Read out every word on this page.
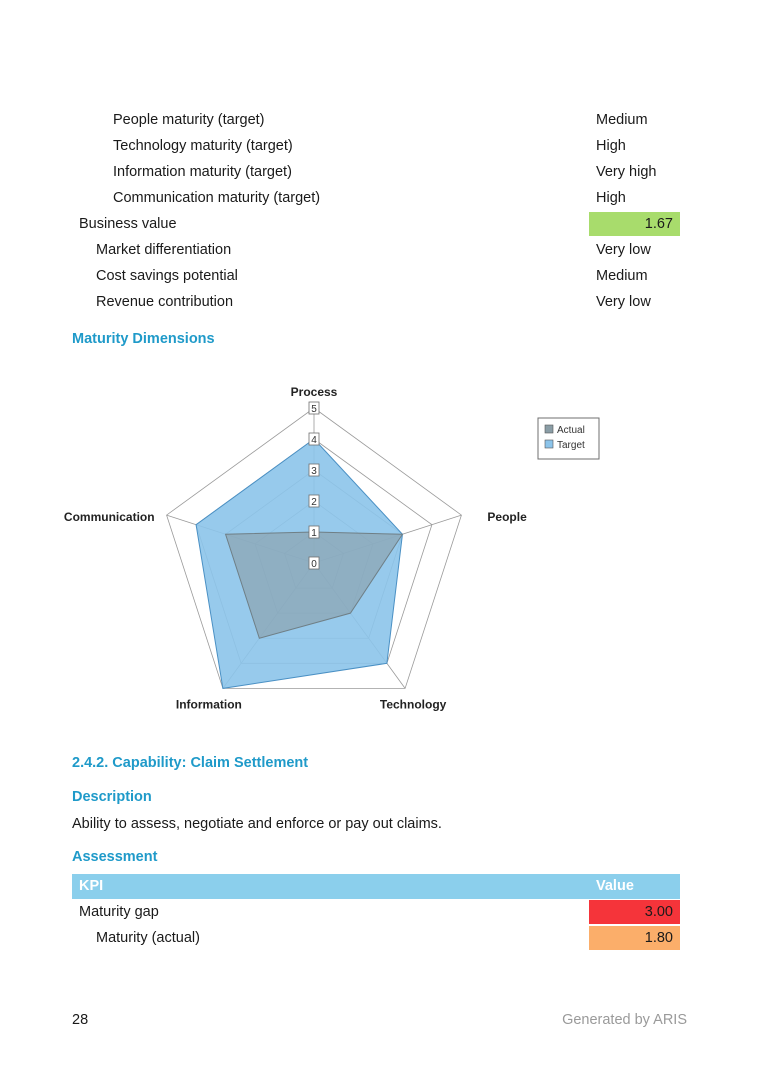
People maturity (target)	Medium
Technology maturity (target)	High
Information maturity (target)	Very high
Communication maturity (target)	High
Business value	1.67
Market differentiation	Very low
Cost savings potential	Medium
Revenue contribution	Very low
Maturity Dimensions
0
1
2
3
4
5
Process
People
Technology
Information
Communication
Actual
Target
2.4.2. Capability: Claim Settlement
Description
Ability to assess, negotiate and enforce or pay out claims.
Assessment
KPI	Value
Maturity gap	3.00
Maturity (actual)	1.80
28	Generated by ARIS
